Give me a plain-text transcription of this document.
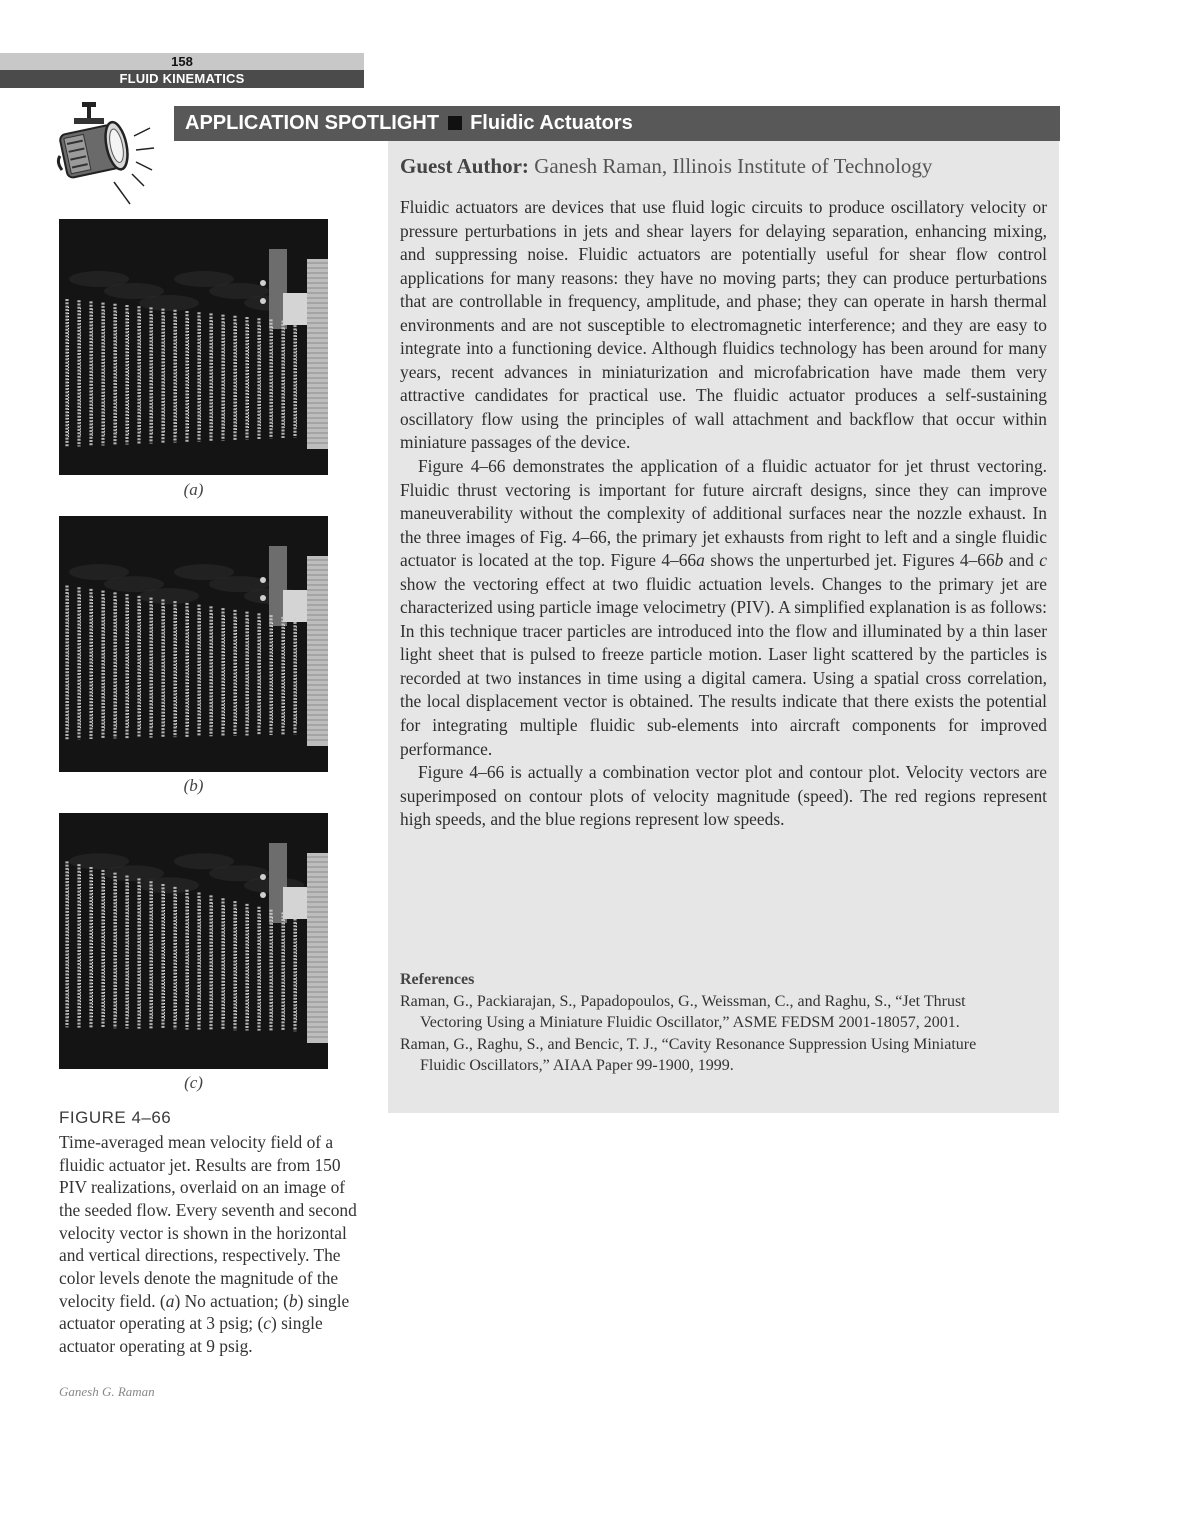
158
FLUID KINEMATICS
APPLICATION SPOTLIGHT Fluidic Actuators
Guest Author: Ganesh Raman, Illinois Institute of Technology

Fluidic actuators are devices that use fluid logic circuits to produce oscillatory velocity or pressure perturbations in jets and shear layers for delaying separation, enhancing mixing, and suppressing noise. Fluidic actuators are potentially useful for shear flow control applications for many reasons: they have no moving parts; they can produce perturbations that are controllable in frequency, amplitude, and phase; they can operate in harsh thermal environments and are not susceptible to electromagnetic interference; and they are easy to integrate into a functioning device. Although fluidics technology has been around for many years, recent advances in miniaturization and microfabrication have made them very attractive candidates for practical use. The fluidic actuator produces a self-sustaining oscillatory flow using the principles of wall attachment and backflow that occur within miniature passages of the device.

Figure 4–66 demonstrates the application of a fluidic actuator for jet thrust vectoring. Fluidic thrust vectoring is important for future aircraft designs, since they can improve maneuverability without the complexity of additional surfaces near the nozzle exhaust. In the three images of Fig. 4–66, the primary jet exhausts from right to left and a single fluidic actuator is located at the top. Figure 4–66a shows the unperturbed jet. Figures 4–66b and c show the vectoring effect at two fluidic actuation levels. Changes to the primary jet are characterized using particle image velocimetry (PIV). A simplified explanation is as follows: In this technique tracer particles are introduced into the flow and illuminated by a thin laser light sheet that is pulsed to freeze particle motion. Laser light scattered by the particles is recorded at two instances in time using a digital camera. Using a spatial cross correlation, the local displacement vector is obtained. The results indicate that there exists the potential for integrating multiple fluidic sub-elements into aircraft components for improved performance.

Figure 4–66 is actually a combination vector plot and contour plot. Velocity vectors are superimposed on contour plots of velocity magnitude (speed). The red regions represent high speeds, and the blue regions represent low speeds.

References
Raman, G., Packiarajan, S., Papadopoulos, G., Weissman, C., and Raghu, S., “Jet Thrust Vectoring Using a Miniature Fluidic Oscillator,” ASME FEDSM 2001-18057, 2001.
Raman, G., Raghu, S., and Bencic, T. J., “Cavity Resonance Suppression Using Miniature Fluidic Oscillators,” AIAA Paper 99-1900, 1999.
(a)
(b)
(c)
FIGURE 4–66
Time-averaged mean velocity field of a fluidic actuator jet. Results are from 150 PIV realizations, overlaid on an image of the seeded flow. Every seventh and second velocity vector is shown in the horizontal and vertical directions, respectively. The color levels denote the magnitude of the velocity field. (a) No actuation; (b) single actuator operating at 3 psig; (c) single actuator operating at 9 psig.
Ganesh G. Raman
